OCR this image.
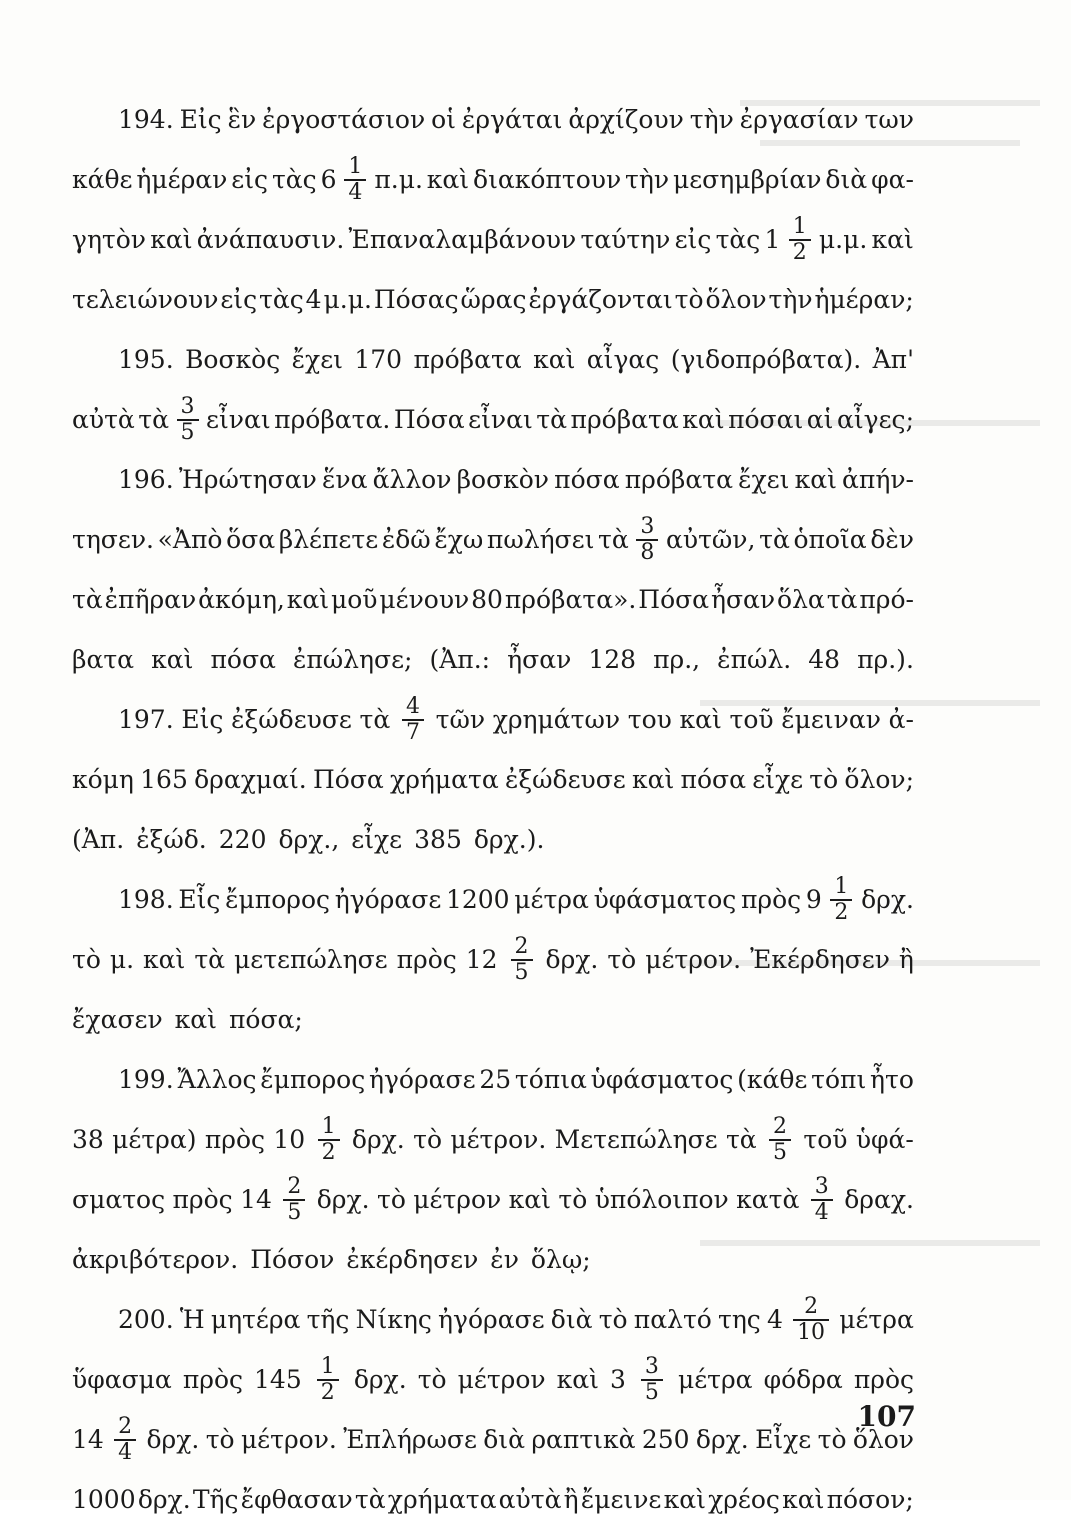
194. Εἰς ἓν ἐργοστάσιον οἱ ἐργάται ἀρχίζουν τὴν ἐργασίαν των
κάθε ἡμέραν εἰς τὰς $6 \frac{1}{4} \pi.\mu$. καὶ διακόπτουν τὴν μεσημβρίαν διὰ φα-
γητὸν καὶ ἀνάπαυσιν. Ἐπαναλαμβάνουν ταύτην εἰς τὰς $1 \frac{1}{2} \mu.\mu$. καὶ
τελειώνουν εἰς τὰς 4 μ.μ. Πόσας ὥρας ἐργάζονται τὸ ὅλον τὴν ἡμέραν;
195. Βοσκὸς ἔχει 170 πρόβατα καὶ αἶγας (γιδοπρόβατα). Ἀπ'
αὐτὰ τὰ $\frac{3}{5}$ εἶναι πρόβατα. Πόσα εἶναι τὰ πρόβατα καὶ πόσαι αἱ αἶγες;
196. Ἠρώτησαν ἕνα ἄλλον βοσκὸν πόσα πρόβατα ἔχει καὶ ἀπήν-
τησεν. «Ἀπὸ ὅσα βλέπετε ἐδῶ ἔχω πωλήσει τὰ $\frac{3}{8}$ αὐτῶν, τὰ ὁποῖα δὲν
τὰ ἐπῆραν ἀκόμη, καὶ μοῦ μένουν 80 πρόβατα». Πόσα ἦσαν ὅλα τὰ πρό-
βατα καὶ πόσα ἐπώλησε; (Ἀπ.: ἦσαν 128 πρ., ἐπώλ. 48 πρ.).
197. Εἰς ἐξώδευσε τὰ $\frac{4}{7}$ τῶν χρημάτων του καὶ τοῦ ἔμειναν ἀ-
κόμη 165 δραχμαί. Πόσα χρήματα ἐξώδευσε καὶ πόσα εἶχε τὸ ὅλον;
(Ἀπ. ἐξώδ. 220 δρχ., εἶχε 385 δρχ.).
198. Εἷς ἔμπορος ἠγόρασε 1200 μέτρα ὑφάσματος πρὸς $9 \frac{1}{2} \delta\rho\chi$.
τὸ μ. καὶ τὰ μετεπώλησε πρὸς $12 \frac{2}{5} \delta\rho\chi$. τὸ μέτρον. Ἐκέρδησεν ἢ
ἔχασεν καὶ πόσα;
199. Ἄλλος ἔμπορος ἠγόρασε 25 τόπια ὑφάσματος (κάθε τόπι ἦτο
38 μέτρα) πρὸς $10 \frac{1}{2} \delta\rho\chi$. τὸ μέτρον. Μετεπώλησε τὰ $\frac{2}{5}$ τοῦ ὑφά-
σματος πρὸς $14 \frac{2}{5} \delta\rho\chi$. τὸ μέτρον καὶ τὸ ὑπόλοιπον κατὰ $\frac{3}{4} \delta\rho\alpha\chi$.
ἀκριβότερον. Πόσον ἐκέρδησεν ἐν ὅλῳ;
200. Ἡ μητέρα τῆς Νίκης ἠγόρασε διὰ τὸ παλτό της $4 \frac{2}{10}$ μέτρα
ὕφασμα πρὸς $145 \frac{1}{2} \delta\rho\chi$. τὸ μέτρον καὶ $3 \frac{3}{5}$ μέτρα φόδρα πρὸς
$14 \frac{2}{4} \delta\rho\chi$. τὸ μέτρον. Ἐπλήρωσε διὰ ραπτικὰ 250 δρχ. Εἶχε τὸ ὅλον
1000 δρχ. Τῆς ἔφθασαν τὰ χρήματα αὐτὰ ἢ ἔμεινε καὶ χρέος καὶ πόσον;
107
